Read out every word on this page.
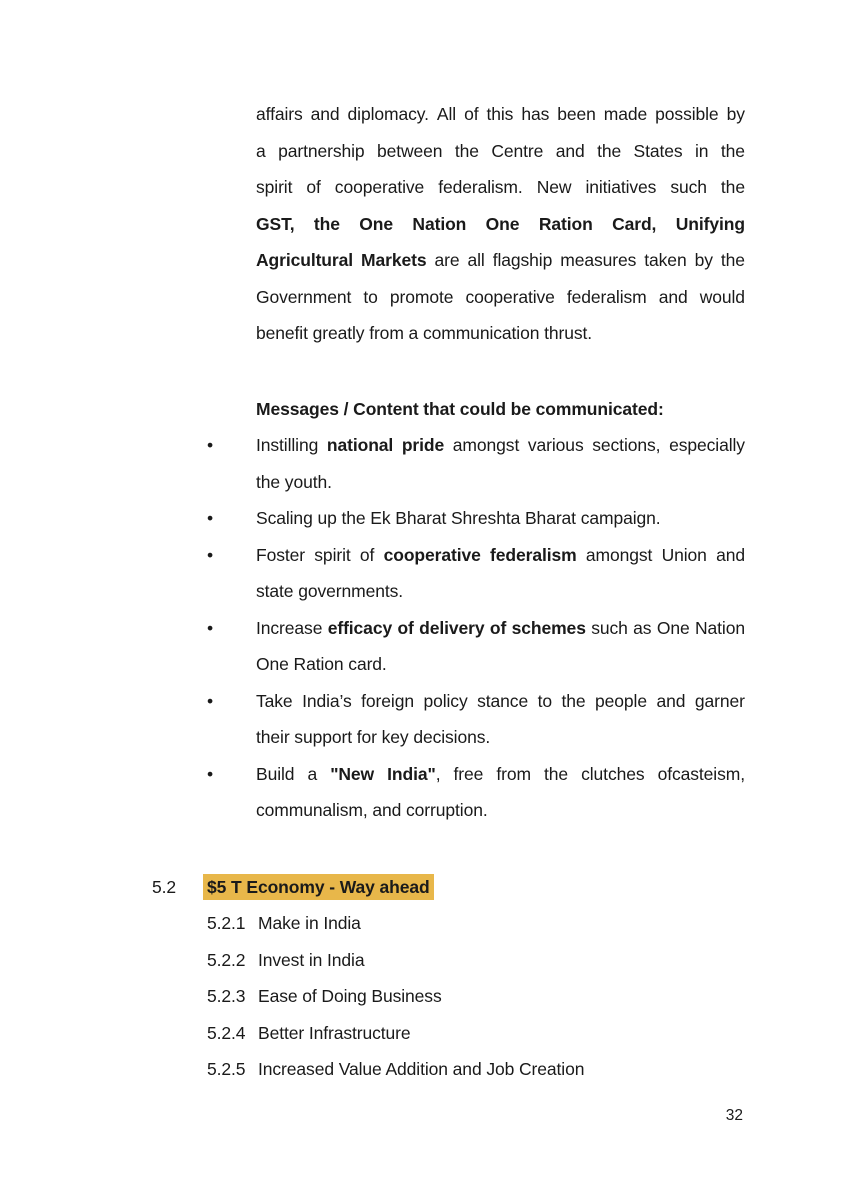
affairs and diplomacy. All of this has been made possible by
a partnership between the Centre and the States in the
spirit of cooperative federalism. New initiatives such the
GST, the One Nation One Ration Card, Unifying
Agricultural Markets are all flagship measures taken by the
Government to promote cooperative federalism and would
benefit greatly from a communication thrust.
Messages / Content that could be communicated:
•	Instilling national pride amongst various sections, especially
the youth.
•	Scaling up the Ek Bharat Shreshta Bharat campaign.
•	Foster spirit of cooperative federalism amongst Union and
state governments.
•	Increase efficacy of delivery of schemes such as One Nation
One Ration card.
•	Take India’s foreign policy stance to the people and garner
their support for key decisions.
•	Build a "New India", free from the clutches ofcasteism,
communalism, and corruption.
5.2 $5 T Economy - Way ahead
5.2.1 Make in India
5.2.2 Invest in India
5.2.3 Ease of Doing Business
5.2.4 Better Infrastructure
5.2.5 Increased Value Addition and Job Creation
32
